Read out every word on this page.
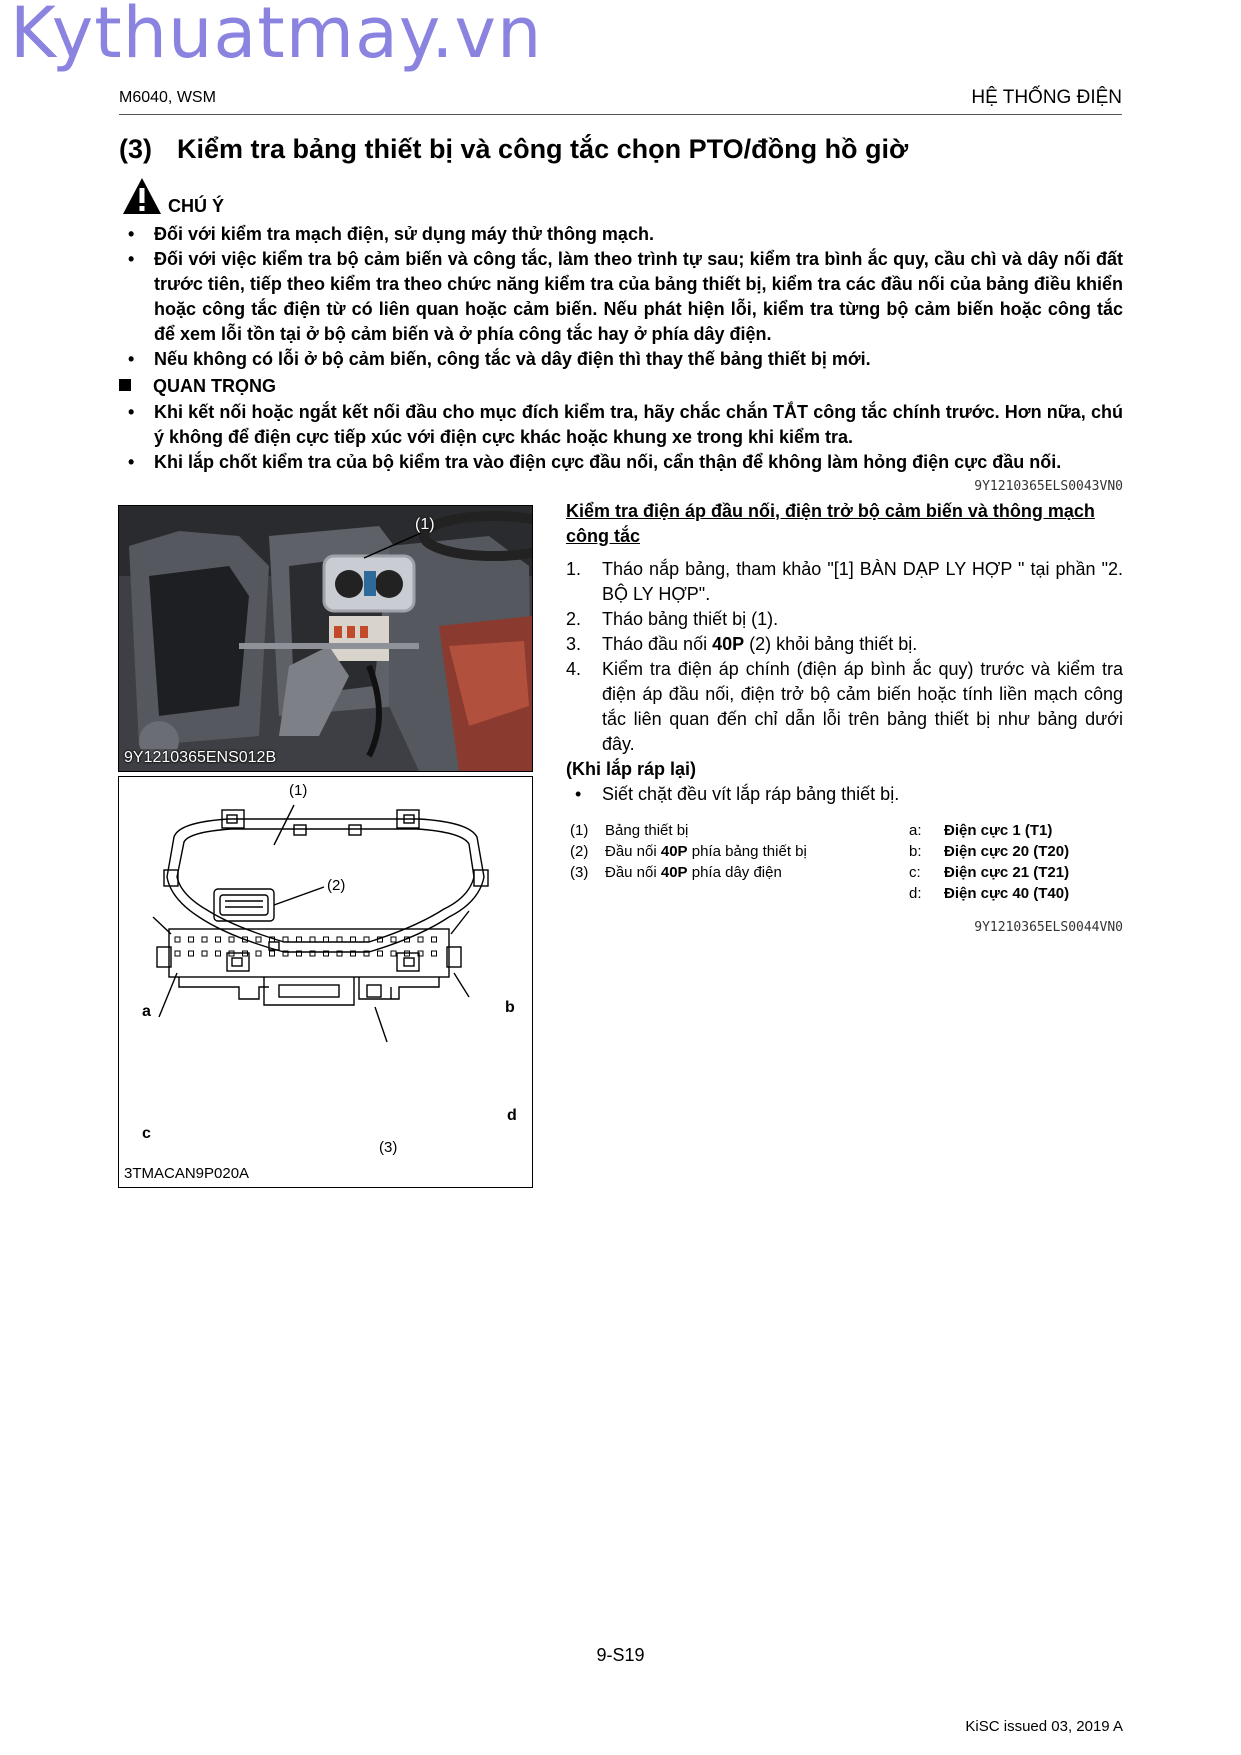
Kythuatmay.vn
M6040, WSM	HỆ THỐNG ĐIỆN
(3) Kiểm tra bảng thiết bị và công tắc chọn PTO/đồng hồ giờ
CHÚ Ý
• Đối với kiểm tra mạch điện, sử dụng máy thử thông mạch.
• Đối với việc kiểm tra bộ cảm biến và công tắc, làm theo trình tự sau; kiểm tra bình ắc quy, cầu chì và dây nối đất trước tiên, tiếp theo kiểm tra theo chức năng kiểm tra của bảng thiết bị, kiểm tra các đầu nối của bảng điều khiển hoặc công tắc điện từ có liên quan hoặc cảm biến. Nếu phát hiện lỗi, kiểm tra từng bộ cảm biến hoặc công tắc để xem lỗi tồn tại ở bộ cảm biến và ở phía công tắc hay ở phía dây điện.
• Nếu không có lỗi ở bộ cảm biến, công tắc và dây điện thì thay thế bảng thiết bị mới.
QUAN TRỌNG
• Khi kết nối hoặc ngắt kết nối đầu cho mục đích kiểm tra, hãy chắc chắn TẮT công tắc chính trước. Hơn nữa, chú ý không để điện cực tiếp xúc với điện cực khác hoặc khung xe trong khi kiểm tra.
• Khi lắp chốt kiểm tra của bộ kiểm tra vào điện cực đầu nối, cẩn thận để không làm hỏng điện cực đầu nối.
9Y1210365ELS0043VN0
(1)
9Y1210365ENS012B
(1)
(2)
(3)
a	b
c
d
3TMACAN9P020A
Kiểm tra điện áp đầu nối, điện trở bộ cảm biến và thông mạch công tắc
1. Tháo nắp bảng, tham khảo "[1] BÀN DẠP LY HỢP " tại phần "2. BỘ LY HỢP".
2. Tháo bảng thiết bị (1).
3. Tháo đầu nối 40P (2) khỏi bảng thiết bị.
4. Kiểm tra điện áp chính (điện áp bình ắc quy) trước và kiểm tra điện áp đầu nối, điện trở bộ cảm biến hoặc tính liền mạch công tắc liên quan đến chỉ dẫn lỗi trên bảng thiết bị như bảng dưới đây.
(Khi lắp ráp lại)
• Siết chặt đều vít lắp ráp bảng thiết bị.
(1)	Bảng thiết bị	a:	Điện cực 1 (T1)
(2)	Đầu nối 40P phía bảng thiết bị	b:	Điện cực 20 (T20)
(3)	Đầu nối 40P phía dây điện	c:	Điện cực 21 (T21)
		d:	Điện cực 40 (T40)
9Y1210365ELS0044VN0
9-S19
KiSC issued 03, 2019 A
